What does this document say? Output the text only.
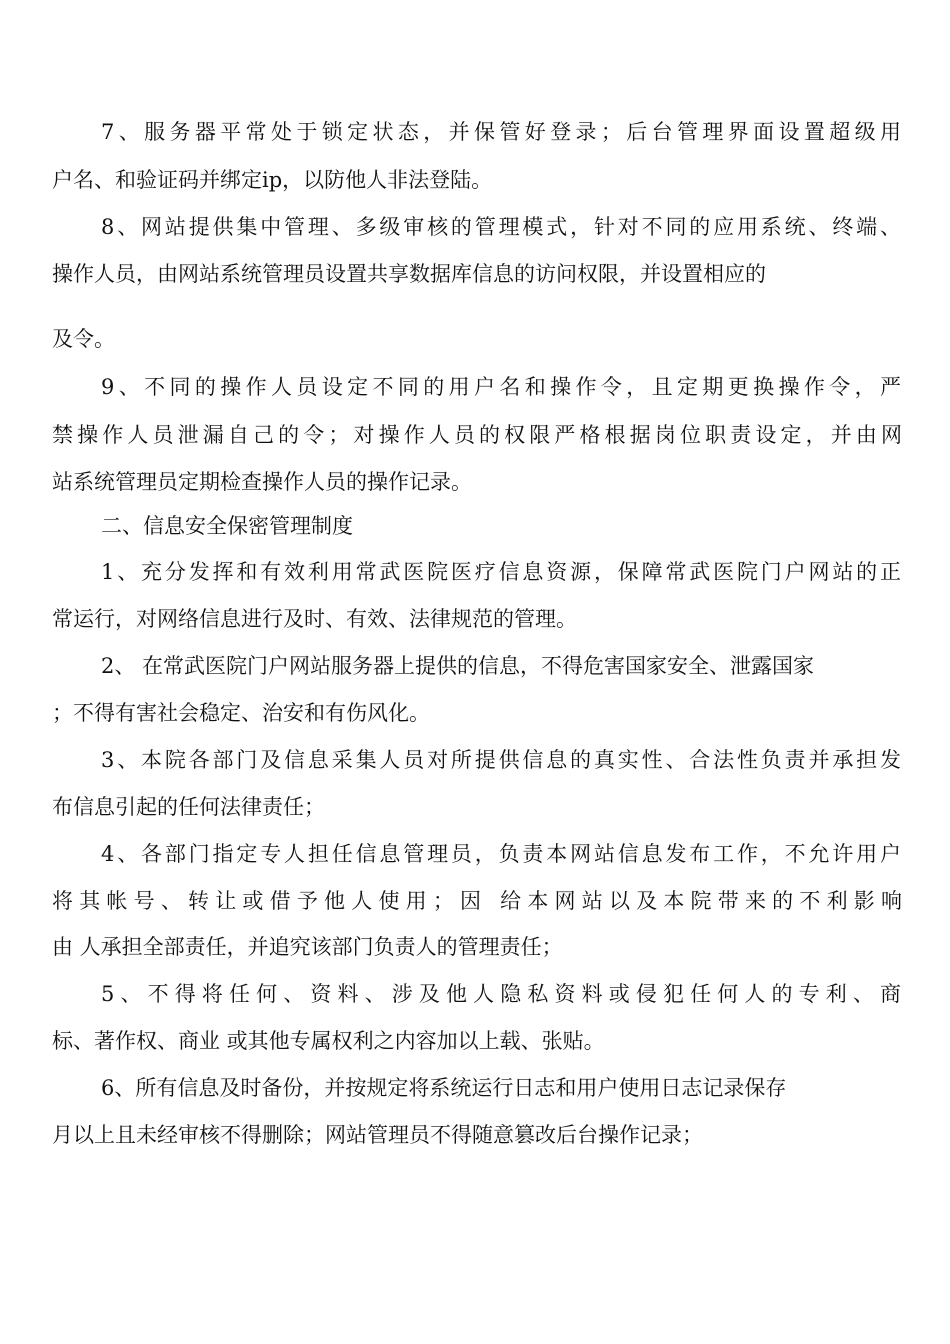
7、服务器平常处于锁定状态，并保管好登录；后台管理界面设置超级用
户名、和验证码并绑定ip，以防他人非法登陆。
8、网站提供集中管理、多级审核的管理模式，针对不同的应用系统、终端、
操作人员，由网站系统管理员设置共享数据库信息的访问权限，并设置相应的
及令。
9、不同的操作人员设定不同的用户名和操作令，且定期更换操作令，严
禁操作人员泄漏自己的令；对操作人员的权限严格根据岗位职责设定，并由网
站系统管理员定期检查操作人员的操作记录。
二、信息安全保密管理制度
1、充分发挥和有效利用常武医院医疗信息资源，保障常武医院门户网站的正
常运行，对网络信息进行及时、有效、法律规范的管理。
2、 在常武医院门户网站服务器上提供的信息，不得危害国家安全、泄露国家
；不得有害社会稳定、治安和有伤风化。
3、本院各部门及信息采集人员对所提供信息的真实性、合法性负责并承担发
布信息引起的任何法律责任；
4、各部门指定专人担任信息管理员，负责本网站信息发布工作，不允许用户
将其帐号、转让或借予他人使用；因 给本网站以及本院带来的不利影响
由 人承担全部责任，并追究该部门负责人的管理责任；
5、不得将任何、资料、涉及他人隐私资料或侵犯任何人的专利、商
标、著作权、商业 或其他专属权利之内容加以上载、张贴。
6、所有信息及时备份，并按规定将系统运行日志和用户使用日志记录保存
月以上且未经审核不得删除；网站管理员不得随意篡改后台操作记录；
